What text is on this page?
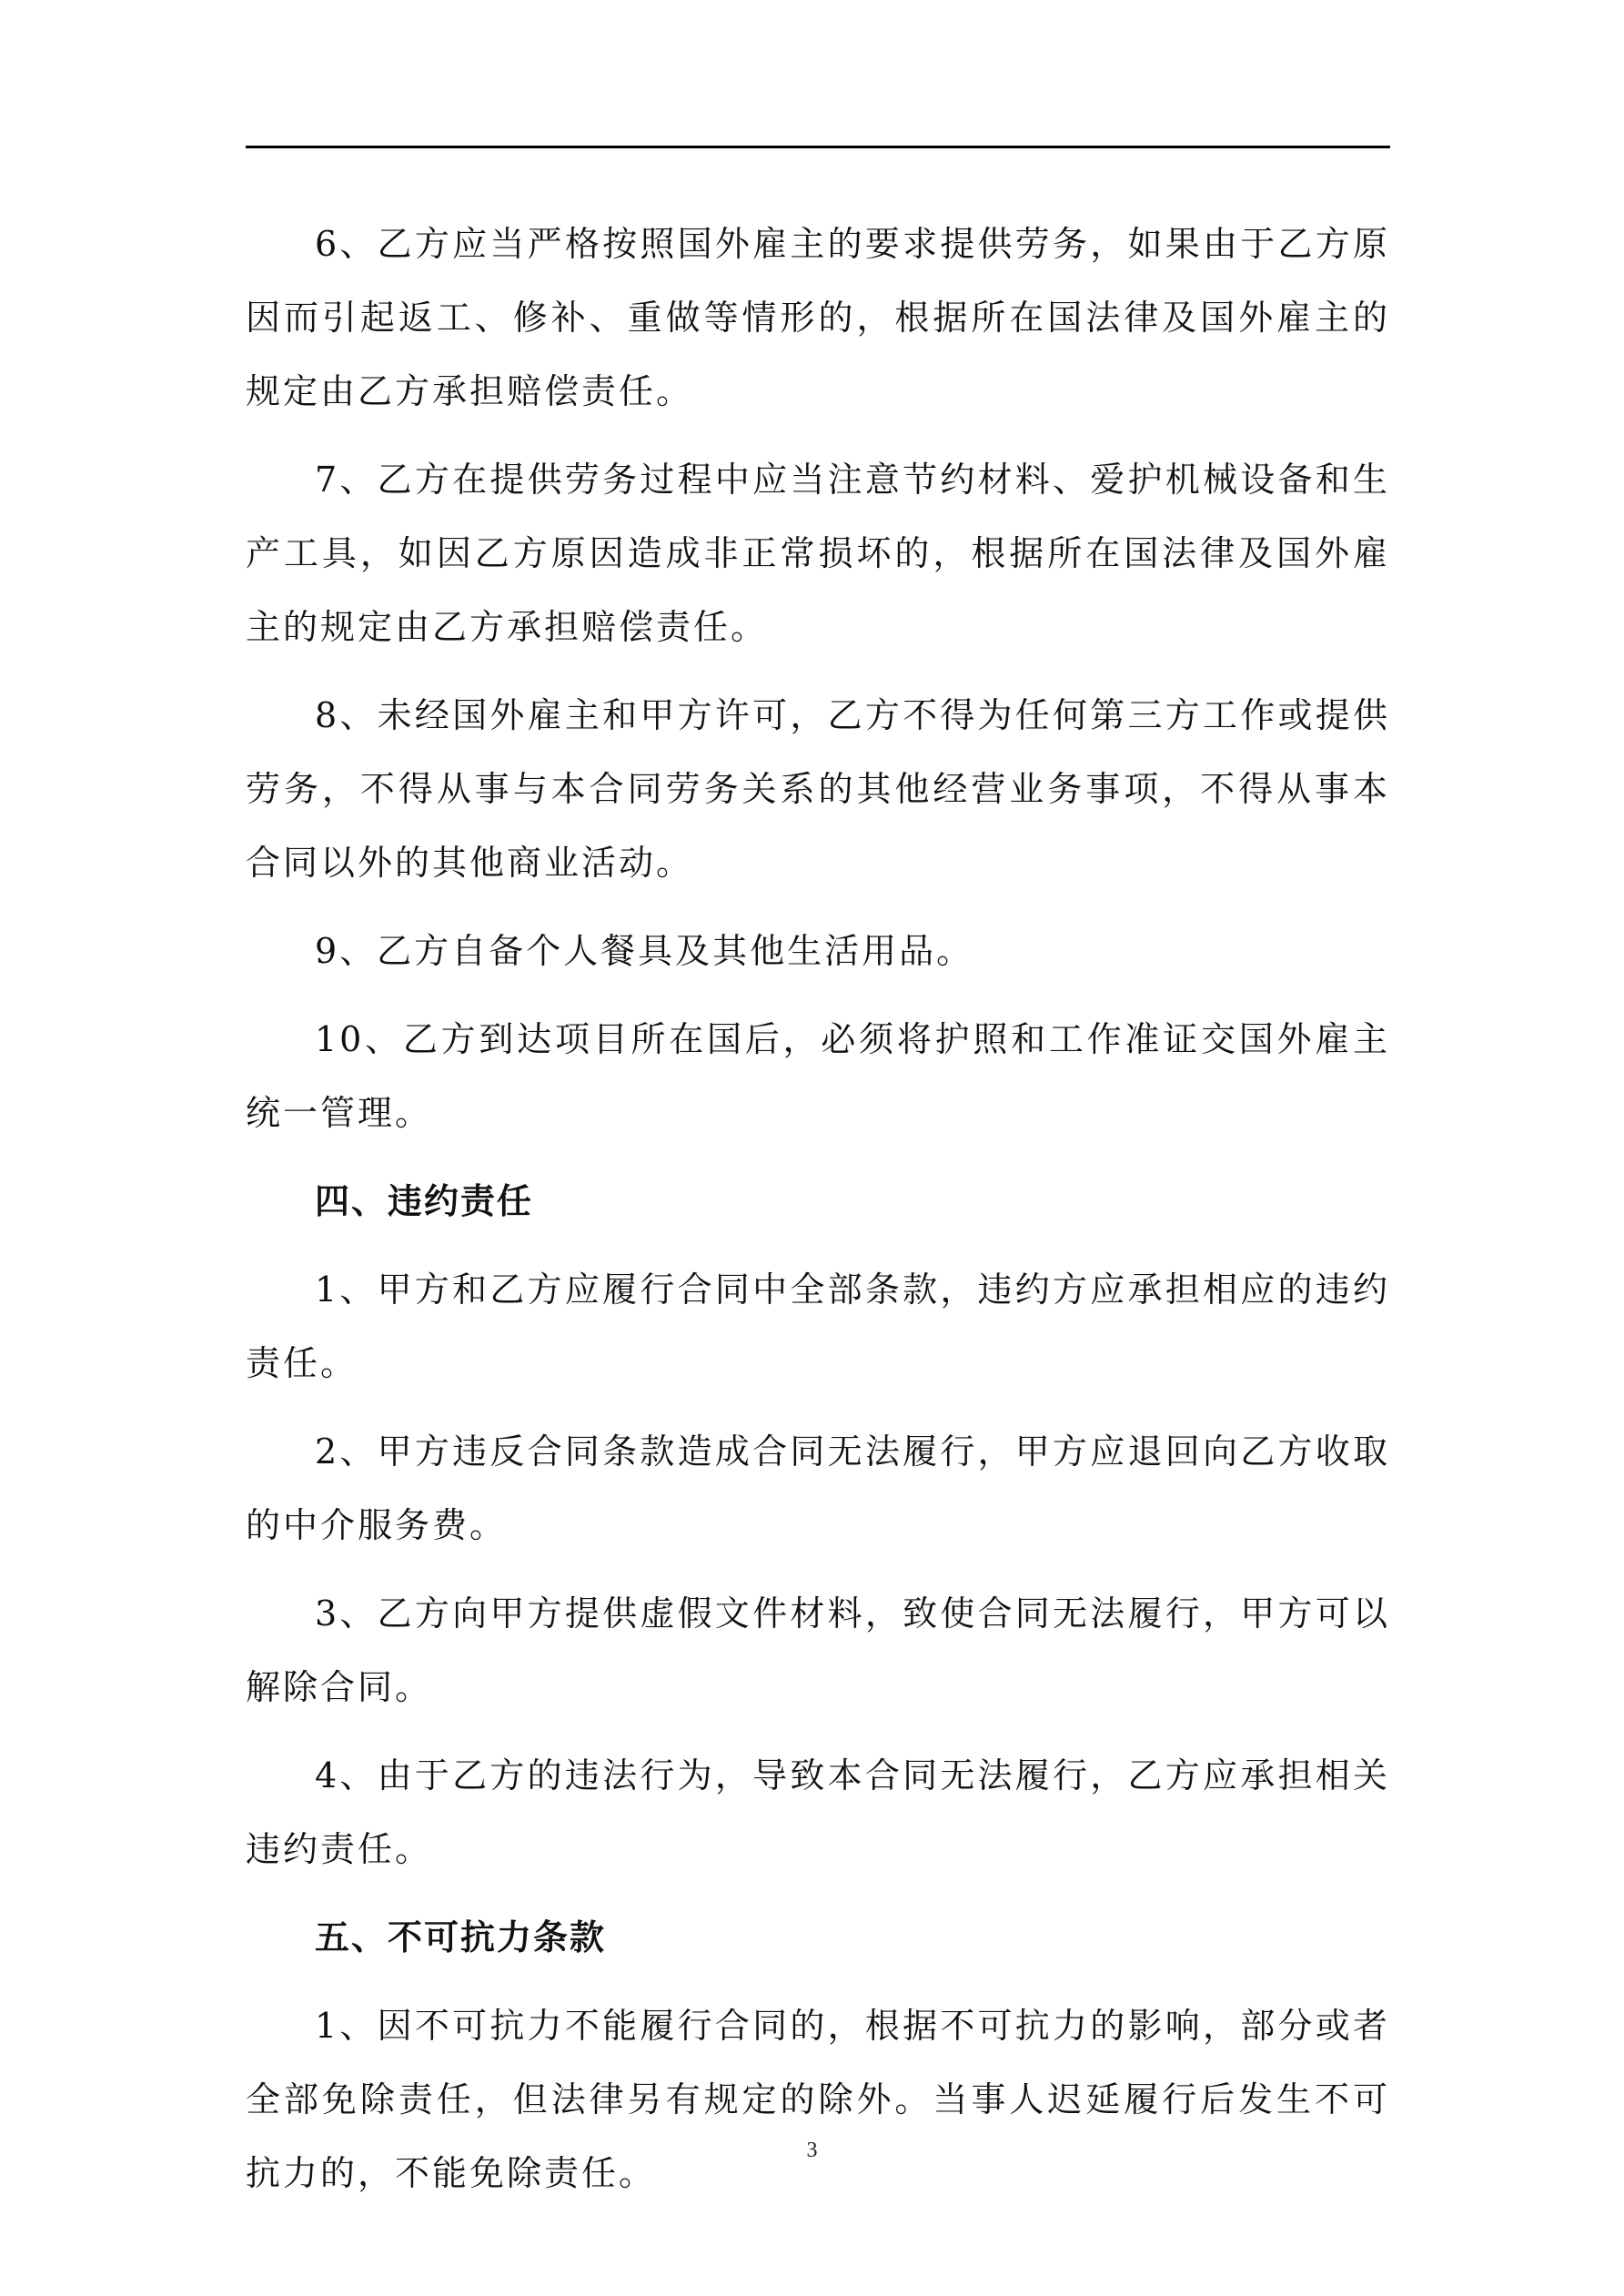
6、乙方应当严格按照国外雇主的要求提供劳务，如果由于乙方原因而引起返工、修补、重做等情形的，根据所在国法律及国外雇主的规定由乙方承担赔偿责任。

7、乙方在提供劳务过程中应当注意节约材料、爱护机械设备和生产工具，如因乙方原因造成非正常损坏的，根据所在国法律及国外雇主的规定由乙方承担赔偿责任。

8、未经国外雇主和甲方许可，乙方不得为任何第三方工作或提供劳务，不得从事与本合同劳务关系的其他经营业务事项，不得从事本合同以外的其他商业活动。

9、乙方自备个人餐具及其他生活用品。

10、乙方到达项目所在国后，必须将护照和工作准证交国外雇主统一管理。

四、违约责任

1、甲方和乙方应履行合同中全部条款，违约方应承担相应的违约责任。

2、甲方违反合同条款造成合同无法履行，甲方应退回向乙方收取的中介服务费。

3、乙方向甲方提供虚假文件材料，致使合同无法履行，甲方可以解除合同。

4、由于乙方的违法行为，导致本合同无法履行，乙方应承担相关违约责任。

五、不可抗力条款

1、因不可抗力不能履行合同的，根据不可抗力的影响，部分或者全部免除责任，但法律另有规定的除外。当事人迟延履行后发生不可抗力的，不能免除责任。

3
